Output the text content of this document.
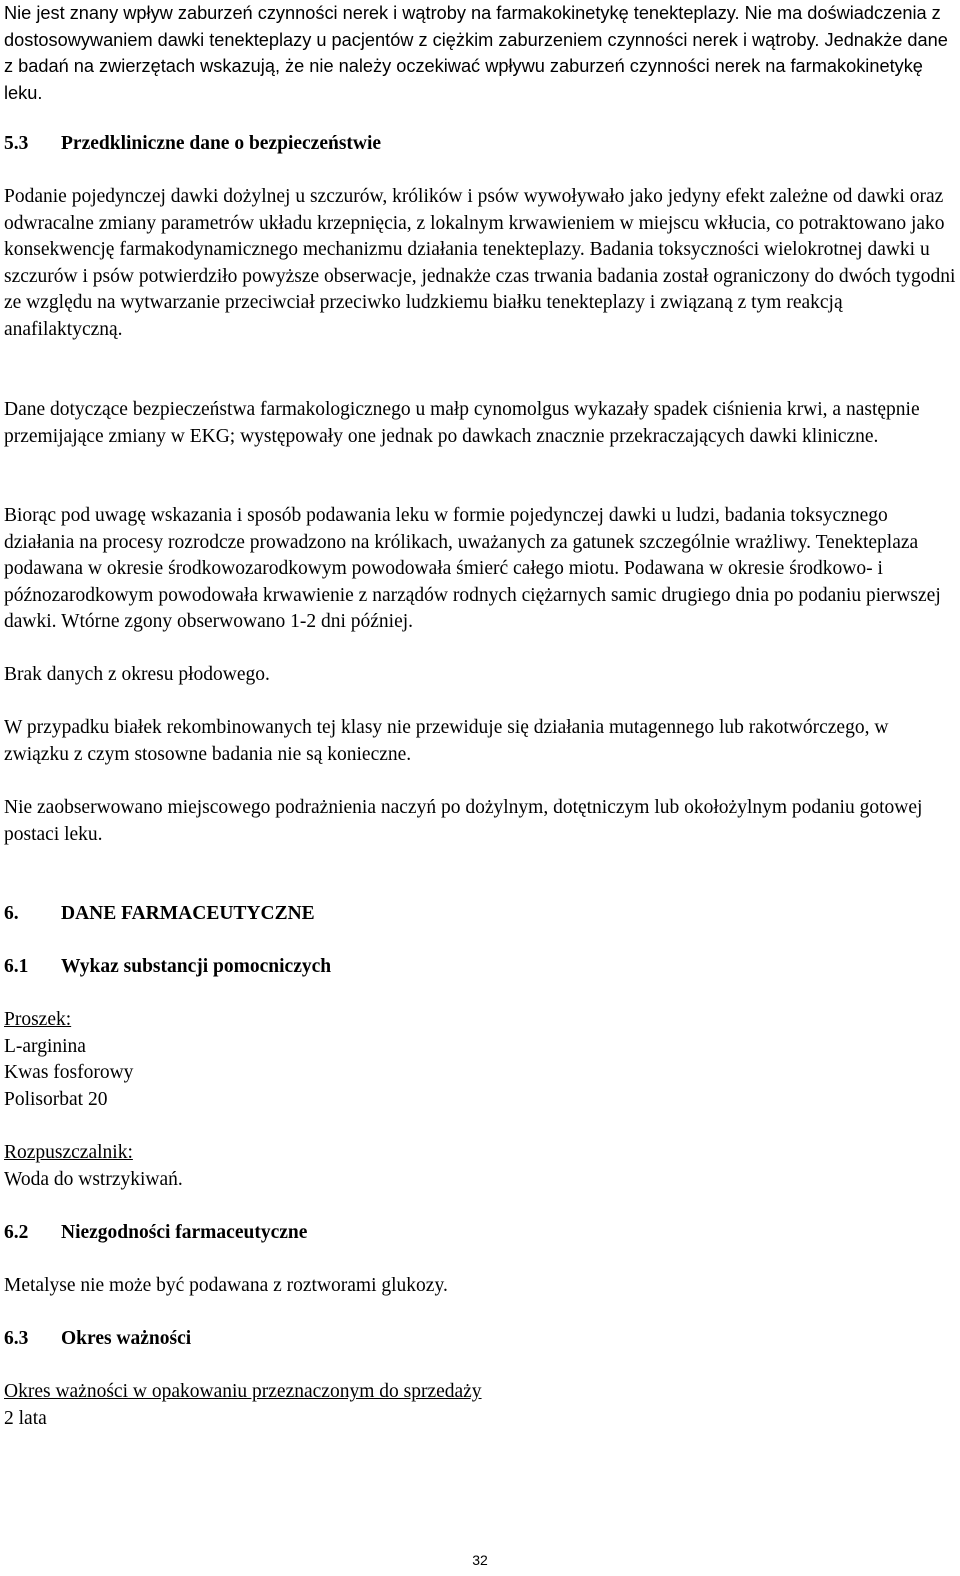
Nie jest znany wpływ zaburzeń czynności nerek i wątroby na farmakokinetykę tenekteplazy. Nie ma doświadczenia z dostosowywaniem dawki tenekteplazy u pacjentów z ciężkim zaburzeniem czynności nerek i wątroby. Jednakże dane z badań na zwierzętach wskazują, że nie należy oczekiwać wpływu zaburzeń czynności nerek na farmakokinetykę leku.

5.3	Przedkliniczne dane o bezpieczeństwie

Podanie pojedynczej dawki dożylnej u szczurów, królików i psów wywoływało jako jedyny efekt zależne od dawki oraz odwracalne zmiany parametrów układu krzepnięcia, z lokalnym krwawieniem w miejscu wkłucia, co potraktowano jako konsekwencję farmakodynamicznego mechanizmu działania tenekteplazy. Badania toksyczności wielokrotnej dawki u szczurów i psów potwierdziło powyższe obserwacje, jednakże czas trwania badania został ograniczony do dwóch tygodni ze względu na wytwarzanie przeciwciał przeciwko ludzkiemu białku tenekteplazy i związaną z tym reakcją anafilaktyczną.

Dane dotyczące bezpieczeństwa farmakologicznego u małp cynomolgus wykazały spadek ciśnienia krwi, a następnie przemijające zmiany w EKG; występowały one jednak po dawkach znacznie przekraczających dawki kliniczne.

Biorąc pod uwagę wskazania i sposób podawania leku w formie pojedynczej dawki u ludzi, badania toksycznego działania na procesy rozrodcze prowadzono na królikach, uważanych za gatunek szczególnie wrażliwy. Tenekteplaza podawana w okresie środkowozarodkowym powodowała śmierć całego miotu. Podawana w okresie środkowo- i późnozarodkowym powodowała krwawienie z narządów rodnych ciężarnych samic drugiego dnia po podaniu pierwszej dawki. Wtórne zgony obserwowano 1-2 dni później.

Brak danych z okresu płodowego.

W przypadku białek rekombinowanych tej klasy nie przewiduje się działania mutagennego lub rakotwórczego, w związku z czym stosowne badania nie są konieczne.

Nie zaobserwowano miejscowego podrażnienia naczyń po dożylnym, dotętniczym lub okołożylnym podaniu gotowej postaci leku.

6.	DANE FARMACEUTYCZNE
6.1	Wykaz substancji pomocniczych

Proszek:

L-arginina

Kwas fosforowy

Polisorbat 20

Rozpuszczalnik:

Woda do wstrzykiwań.

6.2	Niezgodności farmaceutyczne

Metalyse nie może być podawana z roztworami glukozy.

6.3	Okres ważności

Okres ważności w opakowaniu przeznaczonym do sprzedaży

2 lata

32
